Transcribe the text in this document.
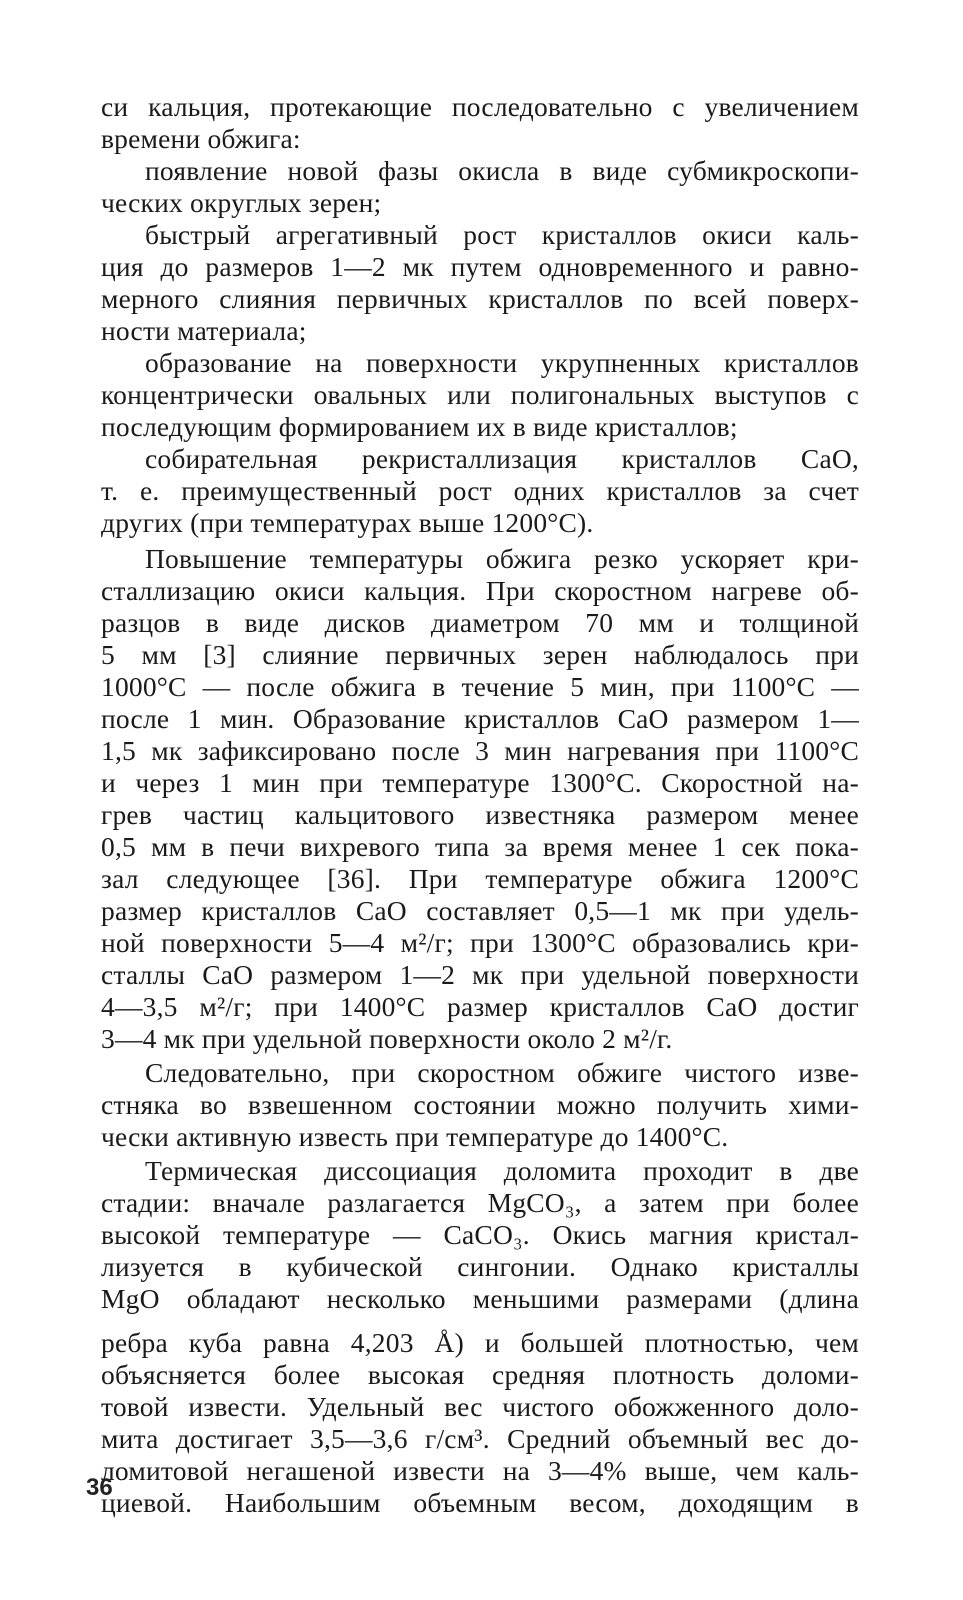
си кальция, протекающие последовательно с увеличением
времени обжига:
появление новой фазы окисла в виде субмикроскопи-
ческих округлых зерен;
быстрый агрегативный рост кристаллов окиси каль-
ция до размеров 1—2 мк путем одновременного и равно-
мерного слияния первичных кристаллов по всей поверх-
ности материала;
образование на поверхности укрупненных кристаллов
концентрически овальных или полигональных выступов с
последующим формированием их в виде кристаллов;
собирательная рекристаллизация кристаллов СаО,
т. е. преимущественный рост одних кристаллов за счет
других (при температурах выше 1200°С).
Повышение температуры обжига резко ускоряет кри-
сталлизацию окиси кальция. При скоростном нагреве об-
разцов в виде дисков диаметром 70 мм и толщиной
5 мм [3] слияние первичных зерен наблюдалось при
1000°С — после обжига в течение 5 мин, при 1100°С —
после 1 мин. Образование кристаллов СаО размером 1—
1,5 мк зафиксировано после 3 мин нагревания при 1100°С
и через 1 мин при температуре 1300°С. Скоростной на-
грев частиц кальцитового известняка размером менее
0,5 мм в печи вихревого типа за время менее 1 сек пока-
зал следующее [36]. При температуре обжига 1200°С
размер кристаллов СаО составляет 0,5—1 мк при удель-
ной поверхности 5—4 м²/г; при 1300°С образовались кри-
сталлы СаО размером 1—2 мк при удельной поверхности
4—3,5 м²/г; при 1400°С размер кристаллов СаО достиг
3—4 мк при удельной поверхности около 2 м²/г.
Следовательно, при скоростном обжиге чистого изве-
стняка во взвешенном состоянии можно получить хими-
чески активную известь при температуре до 1400°С.
Термическая диссоциация доломита проходит в две
стадии: вначале разлагается MgCO₃, а затем при более
высокой температуре — СаСО₃. Окись магния кристал-
лизуется в кубической сингонии. Однако кристаллы
MgO обладают несколько меньшими размерами (длина
ребра куба равна 4,203 Å) и большей плотностью, чем
объясняется более высокая средняя плотность доломи-
товой извести. Удельный вес чистого обожженного доло-
мита достигает 3,5—3,6 г/см³. Средний объемный вес до-
ломитовой негашеной извести на 3—4% выше, чем каль-
циевой. Наибольшим объемным весом, доходящим в
36
